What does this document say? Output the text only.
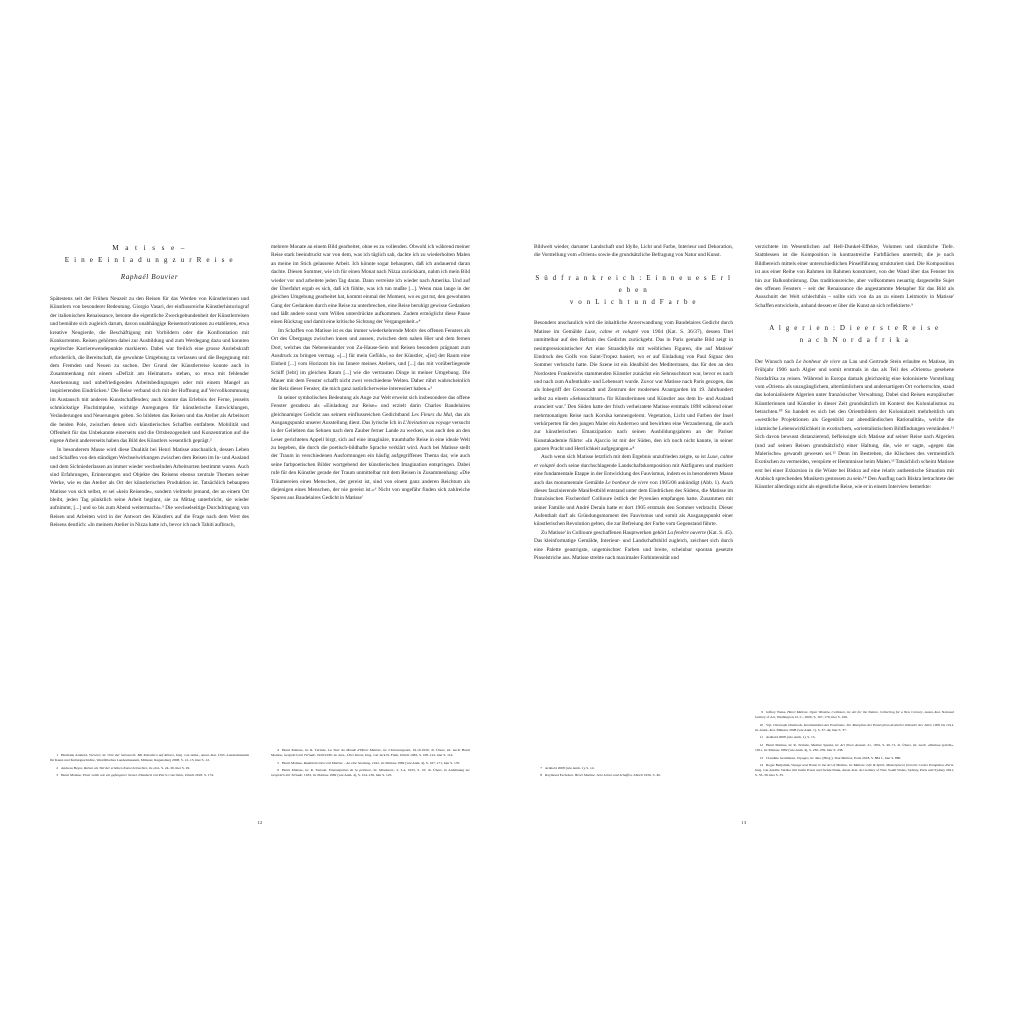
M a t i s s e –
E i n e E i n l a d u n g z u r R e i s e
Raphaël Bouvier

Spätestens seit der Frühen Neuzeit zu den Reisen für das Werden von Künstlerinnen und Künstlern von besonderer Bedeutung. Giorgio Vasari, der einflussreiche Künstlerhistoriograf der italienischen Renaissance, betonte die eigentliche Zweckgebundenheit der Künstlerreisen und bemühte sich zugleich darum, davon unabhängige Reisemotivationen zu etablieren, etwa kreative Neugierde, die Beschäftigung mit Vorbildern oder die Konfrontation mit Konkurrenten. Reisen gehörten dabei zur Ausbildung und zum Werdegang dazu und konnten regelrechte Karrierewendepunkte markieren. Dabei war freilich eine grosse Anriebskraft erforderlich, die Bereitschaft, die gewohnte Umgebung zu verlassen und die Begegnung mit dem Fremden und Neuen zu suchen. Der Grund der Künstlerreise konnte auch in Zusammenhang mit einem «Defizit am Heimatort» stehen, so etwa mit fehlender Anerkennung und unbefriedigenden Arbeitsbedingungen oder mit einem Mangel an inspirierenden Eindrücken.¹ Die Reise verband sich mit der Hoffnung auf Vervollkommnung im Austausch mit anderen Kunstschaffenden; auch konnte das Erlebnis der Ferne, jenseits schmückstige Fluchtimpulse, wichtige Anregungen für künstlerische Entwicklungen, Veränderungen und Neuerungen geben. So bildeten das Reisen und das Atelier als Arbeitsort die beiden Pole, zwischen denen sich künstlerisches Schaffen entfaltete. Mobilität und Offenheit für das Unbekannte einerseits und die Ortsbezogenheit und Konzentration auf die eigene Arbeit andererseits haben das Bild des Künstlers wesentlich geprägt.²

In besonderem Masse wird diese Dualität bei Henri Matisse anschaulich, dessen Leben und Schaffen von den ständigen Wechselwirkungen zwischen dem Reisen im In- und Ausland und dem Sichniederlassen an immer wieder wechselnden Arbeitsorten bestimmt waren. Auch sind Erfahrungen, Erinnerungen und Objekte des Reisens ebenso zentrale Themen seiner Werke, wie es das Atelier als Ort der künstlerischen Produktion ist. Tatsächlich bebaupten Matisse von sich selbst, er sei «kein Reisende», sondern vielmehr jemand, der an einem Ort bleibt, jeden Tag pünktlich seine Arbeit beginnt, sie zu Mittag unterbricht, sie wieder aufnimmt, [...] und so bis zum Abend weitermacht».³ Die wechselseitige Durchdringung von Reisen und Arbeiten wird in der Antwort des Künstlers auf die Frage nach dem Wert des Reisens deutlich: «In meinem Atelier in Nizza hatte ich, bevor ich nach Tahiti aufbrach,

mehrere Monate an einem Bild gearbeitet, ohne es zu vollenden. Obwohl ich während meiner Reise stark beeindruckt war von dem, was ich täglich sah, dachte ich zu wiederholten Malen an meine im Stich gelassene Arbeit. Ich könnte sogar behaupten, daß ich andauernd daran dachte. Diesen Sommer, wie ich für einen Monat nach Nizza zurückkam, nahm ich mein Bild wieder vor und arbeitete jeden Tag daran. Dann verreiste ich wieder nach Amerika. Und auf der Überfahrt ergab es sich, daß ich fühlte, was ich tun mußte [...]. Wenn man lange in der gleichen Umgebung gearbeitet hat, kommt einmal der Moment, wo es gut tut, den gewohnten Gang der Gedanken durch eine Reise zu unterbrechen, eine Reise beruhigt gewisse Gedanken und läßt andere sonst vom Willen unterdrückte aufkommen. Zudem ermöglicht diese Pause einen Rückzug und damit eine kritische Sichtung der Vergangenheit.»⁴

Im Schaffen von Matisse ist es das immer wiederkehrende Motiv des offenen Fensters als Ort des Übergangs zwischen innen und aussen, zwischen dem nahen Hier und dem fernen Dort, welches das Nebeneinander von Zu-Hause-Sein und Reisen besonders prägnant zum Ausdruck zu bringen vermag. «[...] für mein Gefühl», so der Künstler, «[ist] der Raum eine Einheit [...] vom Horizont bis ins Innere meines Ateliers, und [...] das mit vorüberliegende Schiff [lebt] im gleichen Raum [...] wie die vertrauten Dinge in meiner Umgebung. Die Mauer mit dem Fenster schafft nicht zwei verschiedene Welten. Daher rührt wahrscheinlich der Reiz dieser Fenster, die mich ganz natürlicherweise interessiert haben.»⁵

In seiner symbolischen Bedeutung als Auge zur Welt erweist sich insbesondere das offene Fenster geradezu als «Einladung zur Reise» und erzielt darin Charles Baudelaires gleichnamiges Gedicht aus seinem einflussreichen Gedichtband Les Fleurs du Mal, das als Ausgangspunkt unserer Ausstellung dient. Das lyrische Ich in L'Invitation au voyage versucht in der Geliebten das Sehnen nach dem Zauber ferner Lande zu wecken, was auch den an den Leser gerichteten Appell birgt, sich auf eine imaginäre, traumhafte Reise in eine ideale Welt zu begeben, die durch die poetisch-bildhafte Sprache verklärt wird. Auch bei Matisse stellt der Traum in verschiedenen Ausformungen ein häufig aufgegriffenes Thema dar, wie auch seine farbpoetischen Bilder wortgebend der künstlerischen Imagination entspringen. Dabei rufe für den Künstler gerade der Traum unmittelbar mit dem Reisen in Zusammenhang: «Die Träumereien eines Menschen, der gereist ist, sind von einem ganz anderen Reichtum als diejenigen eines Menschen, der nie gereist ist.»⁶ Nicht von ungefähr finden sich zahlreiche Spuren aus Baudelaires Gedicht in Matisse'

1 Hermann Arnhold, Vorwort, in: Orte der Sehnsucht. Mit Künstlern auf Reisen, hrsg. von dems., Ausst.-Kat. LWL-Landesmuseum für Kunst und Kulturgeschichte, Westfälisches Landesmuseum, Münster, Regensburg 2008, S. 12–15, hier S. 12.
2 Andreas Beyer, Reisen als Teil der schönen Kunst betrachtet, in: ebd., S. 24–30, hier S. 29.
3 Henri Matisse, Einer sollte wie ein gefangener Sessel. Plauderei mit Pierre Courthion, Zürich 2018, S. 174.
4 Henri Matisse, in: R. Tériade, La Tour du Monde d'Henri Matisse, in: L'Intransigeant, 19.10.1930, dt. Übers. zit. nach: Henri Matisse, Gespräch mit Tériade, 1929/1930, in: ders., Über Kunst, hrsg. von Jack D. Flam, Zürich 1982, S. 108–122, hier S. 114.
5 Henri Matisse, Radiointerview mit Matisse – An eine Sendung, 1942, in: Matisse 1982 (wie Anm. 4), S. 167–171, hier S. 170.
6 Henri Matisse, in: R. Tériade, Emanzipation de la peinture, in: Minotaure, 3, 3-4, 1933, S. 10; dt. Übers. in Anlehnung an: Gespräch mit Tériade, 1933, in: Matisse 1982 (wie Anm. 4), S. 124–136, hier S. 125.
12

Bildwelt wieder, darunter Landschaft und Idylle, Licht und Farbe, Interieur und Dekoration, die Vorstellung vom «Orient» sowie die grundsätzliche Befragung von Natur und Kunst.

S ü d f r a n k r e i c h : E i n n e u e s E r l e b e n
v o n L i c h t u n d F a r b e

Besonders anschaulich wird die inhaltliche Anverwandlung vom Baudelaires Gedicht durch Matisse im Gemälde Luxe, calme et volupté von 1904 (Kat. S. 36/37), dessen Titel unmittelbar auf den Refrain des Gedichts zurückgeht. Das in Paris gemalte Bild zeigt in nesimpressionistischer Art eine Strandidylle mit weiblichen Figuren, die auf Matisse' Eindruck des Golfs von Saint-Tropez basiert, wo er auf Einladung von Paul Signac den Sommer verbracht hatte. Die Szene ist ein Idealbild des Mediterranen, das für den an den Nordosten Frankreichs stammenden Künstler zunächst ein Sehnsuchtsort war, bevor es nach und nach zum Aufenthalts- und Lebensort wurde. Zuvor war Matisse nach Paris gezogen, das als Inbegriff der Grossstadt und Zentrum der modernen Avantgarden im 19. Jahrhundert selbst zu einem «Sehnsuchtsort» für Künstlerinnen und Künstler aus dem In- und Ausland avanciert war.⁷ Den Süden hatte der frisch verheiratete Matisse erstmals 1898 während einer mehrmonatigen Reise nach Korsika kennengelernt. Vegetation, Licht und Farben der Insel verkörperten für den jungen Maler ein Anderswo und bewirkten eine Verzauberung, die auch zur künstlerischen Emanzipation nach seinen Ausbildungsjahren an der Pariser Kunstakademie führte: «In Ajaccio ist mir der Süden, den ich noch nicht kannte, in seiner ganzen Pracht und Herrlichkeit aufgegangen.»⁸

Auch wenn sich Matisse letztlich mit dem Ergebnis unzufrieden zeigte, so ist Luxe, calme et volupté doch seine durchschlagende Landschaftskomposition mit Aktfiguren und markiert eine fundamentale Etappe in der Entwicklung des Fauvismus, indem es in besonderem Masse auch das monumentale Gemälde Le bonheur de vivre von 1905/06 ankündigt (Abb. 1). Auch dieses faszinierende Manifestbild entstand unter dem Eindrücken des Südens, die Matisse im französischen Fischerdorf Collioure östlich der Pyrenäen empfangen hatte. Zusammen mit seiner Familie und André Derain hatte er dort 1905 erstmals den Sommer verbracht. Dieser Aufenthalt darf als Gründungsmoment des Fauvismus und somit als Ausgangspunkt einer künstlerischen Revolution gelten, die zur Befreiung der Farbe vom Gegenstand führte.

Zu Matisse' in Collioure geschaffenen Hauptwerken gehört La fenêtre ouverte (Kat. S. 45). Das kleinformatige Gemälde, Interieur- und Landschaftsbild zugleich, zeichnet sich durch eine Palette geastrigste, ungemischter Farben und breite, scheinbar spontan gesetzte Pinselstriche aus. Matisse strebte nach maximaler Farbintensität und

verzichtete im Wesentlichen auf Hell-Dunkel-Effekte, Volumen und räumliche Tiefe. Stattdessen ist die Komposition in kontrastreiche Farbflächen unterteilt, die je nach Bildbereich mittels einer unterschiedlichen Pinselführung strukturiert sind. Die Komposition ist aus einer Reihe von Rahmen im Rahmen konstruiert, von der Wand über das Fenster bis hin zur Balkonbrüstung. Das traditionsreiche, aber vollkommen neuartig dargestellte Sujet des offenen Fensters – seit der Renaissance die angestammte Metapher für das Bild als Ausschnitt der Welt schlechthin – sollte sich von da an zu einem Leitmotiv in Matisse' Schaffen entwickeln, anhand dessen er über die Kunst an sich reflektierte.⁹

A l g e r i e n : D i e e r s t e R e i s e
n a c h N o r d a f r i k a

Der Wunsch nach Le bonheur de vivre an Lau und Gertrude Stein erlaubte es Matisse, im Frühjahr 1906 nach Algier und somit erstmals in das als Teil des «Orients» gesehene Nordafrika zu reisen. Während in Europa damals gleichzeitig eine kolonisierte Vorstellung vom «Orient» als unzugänglichem, altertümlichem und andersartigem Ort vorherrschte, stand das kolonialisierte Algerien unter französischer Verwaltung. Dabei sind Reisen europäischer Künstlerinnen und Künstler in dieser Zeit grundsätzlich im Kontext des Kolonialismus zu betrachten.¹⁰ So handelt es sich bei den Orientbildern der Kolonialzeit mehrheitlich um «westliche Projektionen als Gegenbild zur abendländischen Rationalität», welche die islamische Lebenswirklichkeit in exotischem, «orientalistischem Bildfindungen verständen.¹¹ Sich davon bewusst distanzierend, befleissigte sich Matisse auf seiner Reise nach Algerien (und auf seinen Reisen grundsätzlich) einer Haltung, die, wie er sagte, «gegen das Malerische» gewandt gewesen sei.¹² Denn im Bestreben, die Klischees des vermeintlich Exotischen zu vermeiden, verspürte er Hemmnisse beim Malen.¹³ Tatsächlich scheint Matisse erst bei einer Exkursion in die Wüste bei Biskra auf eine relativ authentische Situation mit Arabisch sprechenden Musikern gestossen zu sein.¹⁴ Den Ausflug nach Biskra betrachtete der Künstler allerdings nicht als eigentliche Reise, wie er in einem Interview bemerkte:

7 Arnhold 2008 (wie Anm. 1), S. 14.
8 Raymond Escholier, Henri Matisse. Sein Leben und Schaffen, Zürich 1956, S. 40.
9 Jeffrey Weiss, Henri Matisse. Open Window, Collioure, in: Art for the Nation. Collecting for a New Century, Ausst.-Kat. National Gallery of Art, Washington, D. C., 2000, S. 167–170, hier S. 169.
10 Vgl. Christoph Otterbeck, Kontinuitäten des Exotismus. Zur Rezeption der Poeterjienn deutscher Künstler der Jahre 1900 bis 1914, in: Ausst.-Kat. Münster 2008 (wie Anm. 1), S. 37–44, hier S. 37.
11 Arnhold 2008 (wie Anm. 1), S. 15.
12 Henri Matisse, in: R. Tériade, Matisse Speaks, in: Art News Annual, 21, 1952, S. 40–71, dt. Übers. zit. nach: «Matisse spricht», 1951, in: Matisse 1982 (wie Anm. 4), S. 230–239, hier S. 238.
13 Claudine Grammont, Voyages, in: dies. (Hrsg.), Tout Matisse, Paris 2018, S. 884 f., hier S. 880.
14 Roger Benjamin, Voyage and Vision in the Art of Matisse, in: Matisse. Life & Spirit. Masterpieces from the Centre Pompidou, Paris, hrsg. von Aurélie Verdier mit Justin Paton und Jackie Dunn, Ausst.-Kat. Art Gallery of New South Wales, Sydney, Paris und Sydney 2021, S. 33–39, hier S. 35.
13
